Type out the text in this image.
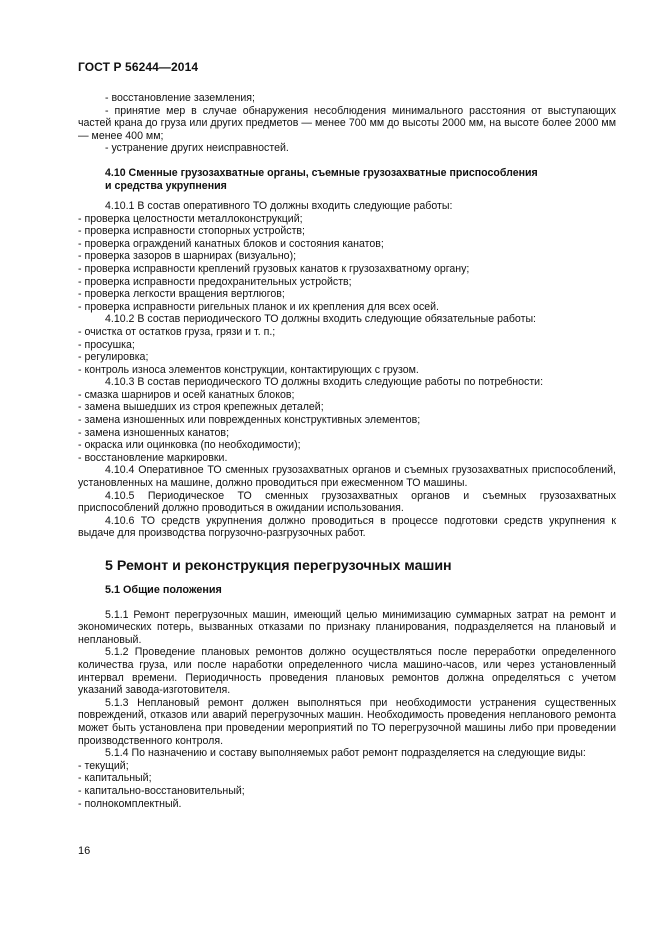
ГОСТ Р 56244—2014

- восстановление заземления;

- принятие мер в случае обнаружения несоблюдения минимального расстояния от выступающих частей крана до груза или других предметов — менее 700 мм до высоты 2000 мм, на высоте более 2000 мм — менее 400 мм;

- устранение других неисправностей.

4.10 Сменные грузозахватные органы, съемные грузозахватные приспособления

и средства укрупнения

4.10.1 В состав оперативного ТО должны входить следующие работы:

- проверка целостности металлоконструкций;

- проверка исправности стопорных устройств;

- проверка ограждений канатных блоков и состояния канатов;

- проверка зазоров в шарнирах (визуально);

- проверка исправности креплений грузовых канатов к грузозахватному органу;

- проверка исправности предохранительных устройств;

- проверка легкости вращения вертлюгов;

- проверка исправности ригельных планок и их крепления для всех осей.

4.10.2 В состав периодического ТО должны входить следующие обязательные работы:

- очистка от остатков груза, грязи и т. п.;

- просушка;

- регулировка;

- контроль износа элементов конструкции, контактирующих с грузом.

4.10.3 В состав периодического ТО должны входить следующие работы по потребности:

- смазка шарниров и осей канатных блоков;

- замена вышедших из строя крепежных деталей;

- замена изношенных или поврежденных конструктивных элементов;

- замена изношенных канатов;

- окраска или оцинковка (по необходимости);

- восстановление маркировки.

4.10.4 Оперативное ТО сменных грузозахватных органов и съемных грузозахватных приспособлений, установленных на машине, должно проводиться при ежесменном ТО машины.

4.10.5 Периодическое ТО сменных грузозахватных органов и съемных грузозахватных приспособлений должно проводиться в ожидании использования.

4.10.6 ТО средств укрупнения должно проводиться в процессе подготовки средств укрупнения к выдаче для производства погрузочно-разгрузочных работ.

5 Ремонт и реконструкция перегрузочных машин

5.1 Общие положения

5.1.1 Ремонт перегрузочных машин, имеющий целью минимизацию суммарных затрат на ремонт и экономических потерь, вызванных отказами по признаку планирования, подразделяется на плановый и неплановый.

5.1.2 Проведение плановых ремонтов должно осуществляться после переработки определенного количества груза, или после наработки определенного числа машино-часов, или через установленный интервал времени. Периодичность проведения плановых ремонтов должна определяться с учетом указаний завода-изготовителя.

5.1.3 Неплановый ремонт должен выполняться при необходимости устранения существенных повреждений, отказов или аварий перегрузочных машин. Необходимость проведения непланового ремонта может быть установлена при проведении мероприятий по ТО перегрузочной машины либо при проведении производственного контроля.

5.1.4 По назначению и составу выполняемых работ ремонт подразделяется на следующие виды:

- текущий;

- капитальный;

- капитально-восстановительный;

- полнокомплектный.

16
